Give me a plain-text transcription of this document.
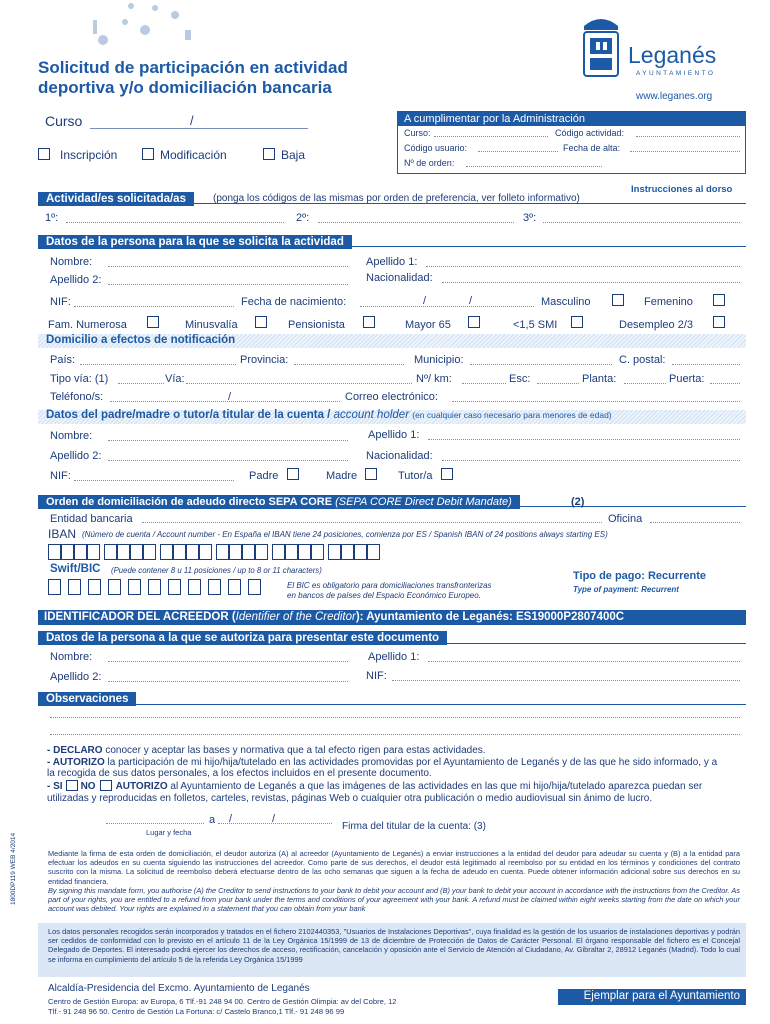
Solicitud de participación en actividad
deportiva y/o domiciliación bancaria
Leganés
AYUNTAMIENTO
www.leganes.org
Curso	/
Inscripción	Modificación	Baja
A cumplimentar por la Administración
Curso:	Código actividad:
Código usuario:	Fecha de alta:
Nº de orden:
Instrucciones al dorso
Actividad/es solicitada/as	(ponga los códigos de las mismas por orden de preferencia, ver folleto informativo)
1º:	2º:	3º:
Datos de la persona para la que se solicita la actividad
Nombre:	Apellido 1:
Apellido 2:	Nacionalidad:
NIF:	Fecha de nacimiento:	/	/	Masculino	Femenino
Fam. Numerosa	Minusvalía	Pensionista	Mayor 65	<1,5 SMI	Desempleo 2/3
Domicilio a efectos de notificación
País:	Provincia:	Municipio:	C. postal:
Tipo vía: (1)	Vía:	Nº/ km:	Esc:	Planta:	Puerta:
Teléfono/s:	/	Correo electrónico:
Datos del padre/madre o tutor/a titular de la cuenta / account holder (en cualquier caso necesario para menores de edad)
Nombre:	Apellido 1:
Apellido 2:	Nacionalidad:
NIF:	Padre	Madre	Tutor/a
Orden de domiciliación de adeudo directo SEPA CORE (SEPA CORE Direct Debit Mandate)	(2)
Entidad bancaria	Oficina
IBAN (Número de cuenta / Account number - En España el IBAN tiene 24 posiciones, comienza por ES / Spanish IBAN of 24 positions always starting ES)
Swift/BIC (Puede contener 8 u 11 posiciones / up to 8 or 11 characters)
El BIC es obligatorio para domiciliaciones transfronterizas
en bancos de países del Espacio Económico Europeo.
Tipo de pago: Recurrente
Type of payment: Recurrent
IDENTIFICADOR DEL ACREEDOR (Identifier of the Creditor): Ayuntamiento de Leganés: ES19000P2807400C
Datos de la persona a la que se autoriza para presentar este documento
Nombre:	Apellido 1:
Apellido 2:	NIF:
Observaciones
- DECLARO conocer y aceptar las bases y normativa que a tal efecto rigen para estas actividades.
- AUTORIZO la participación de mi hijo/hija/tutelado en las actividades promovidas por el Ayuntamiento de Leganés y de las que he sido informado, y a
la recogida de sus datos personales, a los efectos incluidos en el presente documento.
- SI NO AUTORIZO al Ayuntamiento de Leganés a que las imágenes de las actividades en las que mi hijo/hija/tutelado aparezca puedan ser
utilizadas y reproducidas en folletos, carteles, revistas, páginas Web o cualquier otra publicación o medio audiovisual sin ánimo de lucro.
a /	/
Lugar y fecha
Firma del titular de la cuenta: (3)
1800DP119 WEB 4/2014	Mediante la firma de esta orden de domiciliación, el deudor autoriza (A) al acreedor (Ayuntamiento de Leganés) a enviar instrucciones a la entidad del deudor para adeudar su cuenta y (B) a la entidad para efectuar los adeudos en su cuenta siguiendo las instrucciones del acreedor. Como parte de sus derechos, el deudor está legitimado al reembolso por su entidad en los términos y condiciones del contrato suscrito con la misma. La solicitud de reembolso deberá efectuarse dentro de las ocho semanas que siguen a la fecha de adeudo en cuenta. Puede obtener información adicional sobre sus derechos en su entidad financiera.
By signing this mandate form, you authorise (A) the Creditor to send instructions to your bank to debit your account and (B) your bank to debit your account in accordance with the instructions from the Creditor. As part of your rights, you are entitled to a refund from your bank under the terms and conditions of your agreement with your bank. A refund must be claimed within eight weeks starting from the date on which your account was debited. Your rights are explained in a statement that you can obtain from your bank
Los datos personales recogidos serán incorporados y tratados en el fichero 2102440353, "Usuarios de Instalaciones Deportivas", cuya finalidad es la gestión de los usuarios de instalaciones deportivas y podrán ser cedidos de conformidad con lo previsto en el artículo 11 de la Ley Orgánica 15/1999 de 13 de diciembre de Protección de Datos de Carácter Personal. El órgano responsable del fichero es el Concejal Delegado de Deportes. El interesado podrá ejercer los derechos de acceso, rectificación, cancelación y oposición ante el Servicio de Atención al Ciudadano, Av. Gibraltar 2, 28912 Leganés (Madrid). Todo lo cual se informa en cumplimiento del artículo 5 de la referida Ley Orgánica 15/1999
Alcaldía-Presidencia del Excmo. Ayuntamiento de Leganés
Centro de Gestión Europa: av Europa, 6 Tlf.-91 248 94 00. Centro de Gestión Olimpia: av del Cobre, 12
Tlf.- 91 248 96 50. Centro de Gestión La Fortuna: c/ Castelo Branco,1 Tlf.- 91 248 96 99
Ejemplar para el Ayuntamiento
